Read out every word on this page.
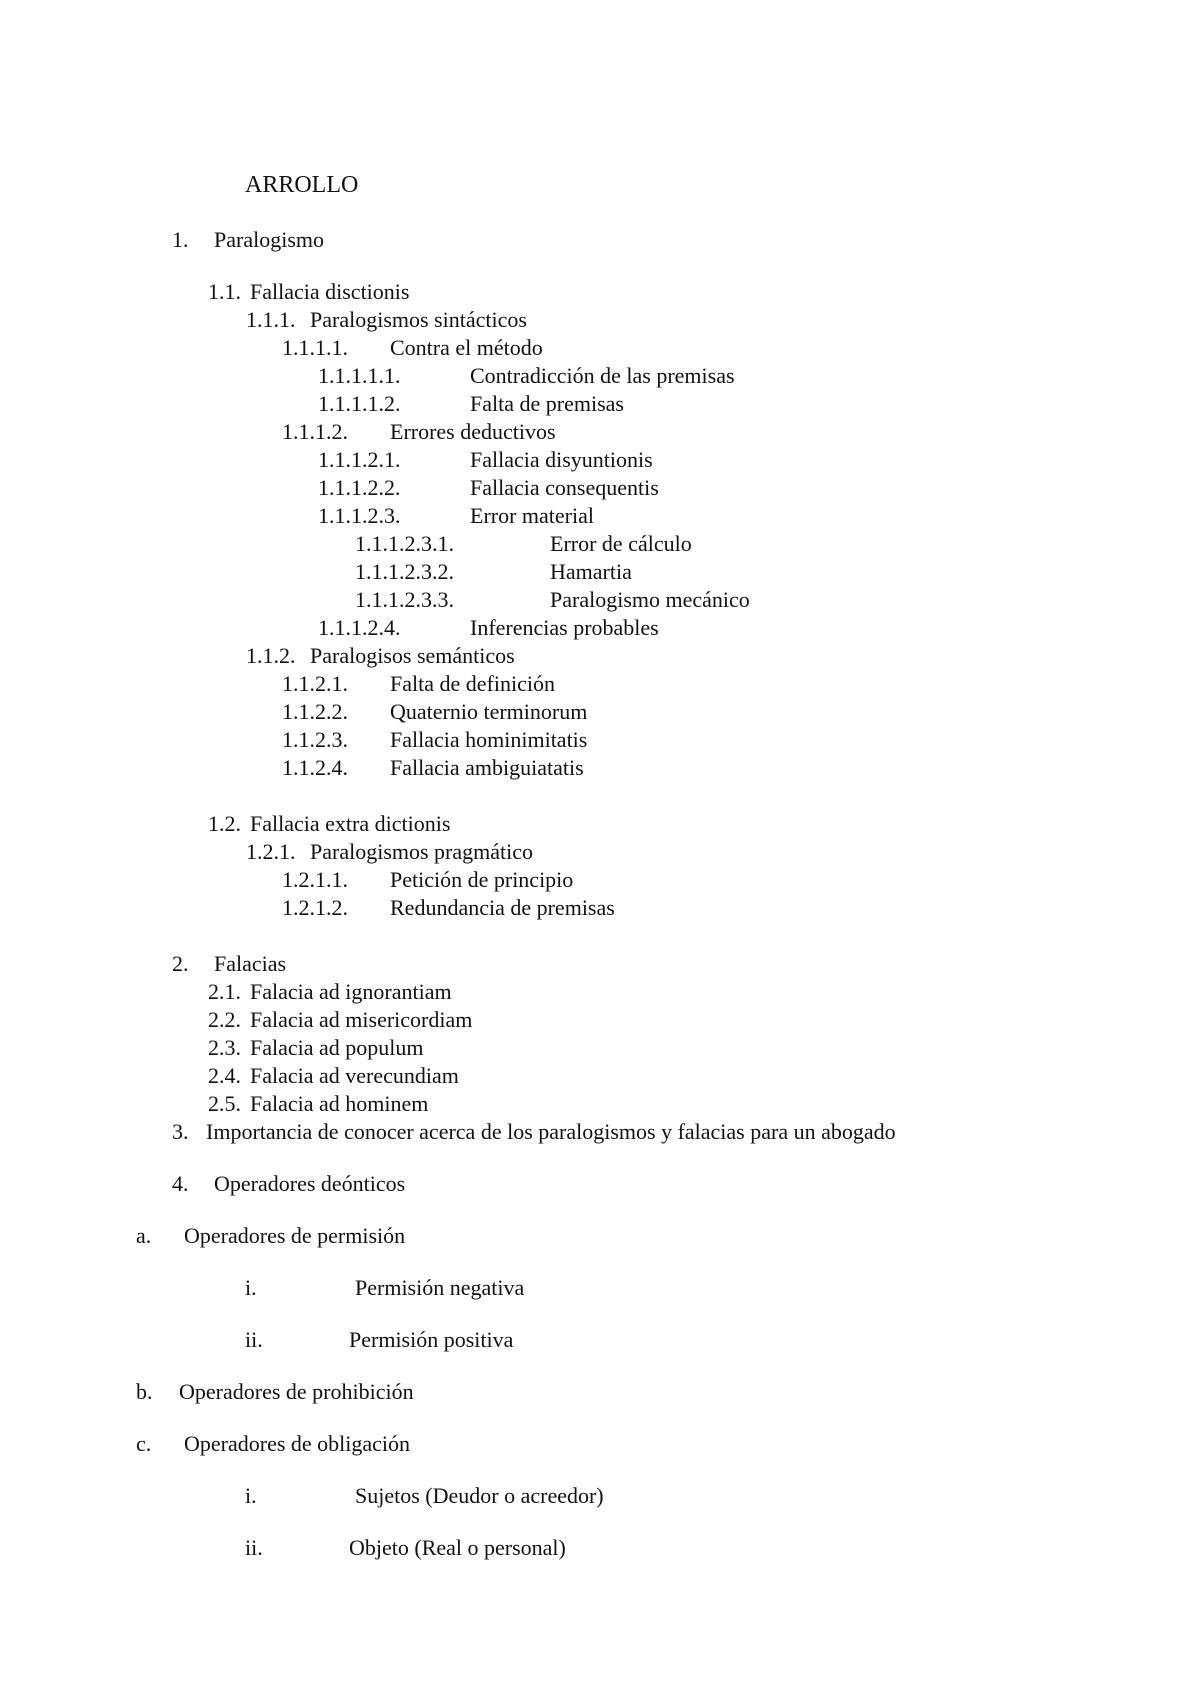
ARROLLO
1. Paralogismo
1.1. Fallacia disctionis
1.1.1. Paralogismos sintácticos
1.1.1.1. Contra el método
1.1.1.1.1.	Contradicción de las premisas
1.1.1.1.2.	Falta de premisas
1.1.1.2. Errores deductivos
1.1.1.2.1.	Fallacia disyuntionis
1.1.1.2.2.	Fallacia consequentis
1.1.1.2.3.	Error material
1.1.1.2.3.1.	Error de cálculo
1.1.1.2.3.2.	Hamartia
1.1.1.2.3.3.	Paralogismo mecánico
1.1.1.2.4.	Inferencias probables
1.1.2. Paralogisos semánticos
1.1.2.1. Falta de definición
1.1.2.2. Quaternio terminorum
1.1.2.3. Fallacia hominimitatis
1.1.2.4. Fallacia ambiguiatatis
1.2. Fallacia extra dictionis
1.2.1. Paralogismos pragmático
1.2.1.1. Petición de principio
1.2.1.2. Redundancia de premisas
2. Falacias
2.1. Falacia ad ignorantiam
2.2. Falacia ad misericordiam
2.3. Falacia ad populum
2.4. Falacia ad verecundiam
2.5. Falacia ad hominem
3. Importancia de conocer acerca de los paralogismos y falacias para un abogado
4. Operadores deónticos
a. Operadores de permisión
i.	Permisión negativa
ii.	Permisión positiva
b. Operadores de prohibición
c. Operadores de obligación
i.	Sujetos (Deudor o acreedor)
ii.	Objeto (Real o personal)
